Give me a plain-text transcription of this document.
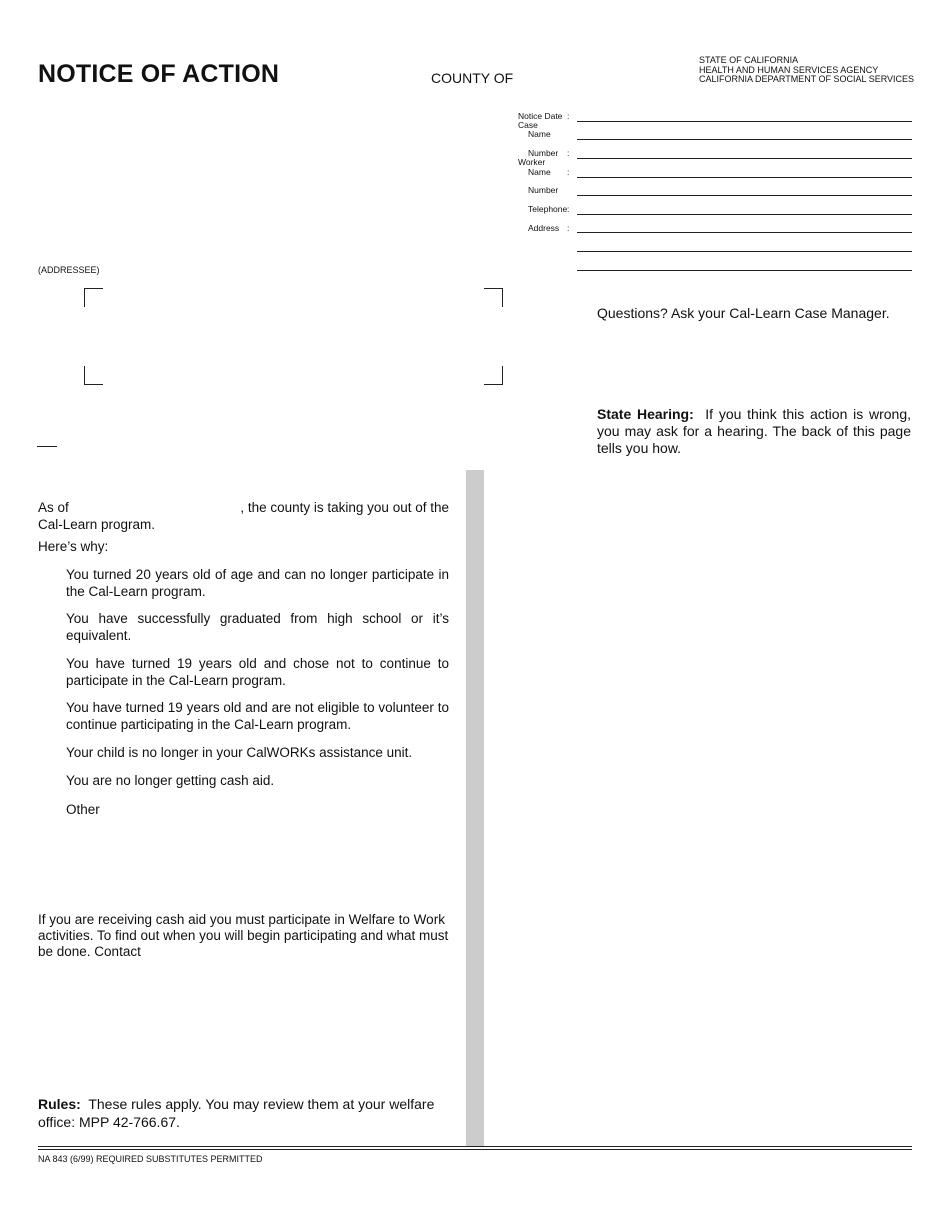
NOTICE OF ACTION	COUNTY OF
STATE OF CALIFORNIA
HEALTH AND HUMAN SERVICES AGENCY
CALIFORNIA DEPARTMENT OF SOCIAL SERVICES
Notice Date :
Case
Name
Number :
Worker
Name :
Number
Telephone :
Address :
(ADDRESSEE)
Questions? Ask your Cal-Learn Case Manager.
State Hearing: If you think this action is wrong, you may ask for a hearing. The back of this page tells you how.
As of	, the county is taking you out of the
Cal-Learn program.
Here’s why:
You turned 20 years old of age and can no longer participate in the Cal-Learn program.
You have successfully graduated from high school or it’s equivalent.
You have turned 19 years old and chose not to continue to participate in the Cal-Learn program.
You have turned 19 years old and are not eligible to volunteer to continue participating in the Cal-Learn program.
Your child is no longer in your CalWORKs assistance unit.
You are no longer getting cash aid.
Other
If you are receiving cash aid you must participate in Welfare to Work activities. To find out when you will begin participating and what must be done. Contact
Rules: These rules apply. You may review them at your welfare office: MPP 42-766.67.
NA 843 (6/99) REQUIRED SUBSTITUTES PERMITTED
